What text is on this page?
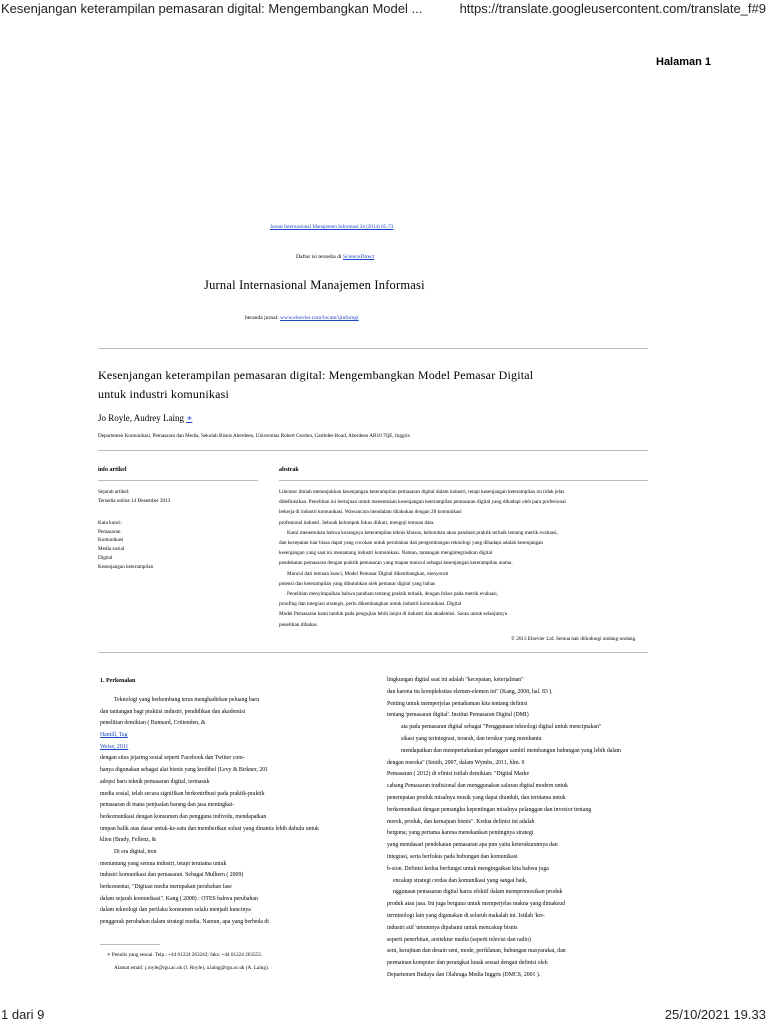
Kesenjangan keterampilan pemasaran digital: Mengembangkan Model ...	https://translate.googleusercontent.com/translate_f#9
Halaman 1
Jurnal Internasional Manajemen Informasi 34 (2014) 65-73
Daftar isi tersedia di ScienceDirect
Jurnal Internasional Manajemen Informasi
beranda jurnal: www.elsevier.com/locate/ijinfomgt
Kesenjangan keterampilan pemasaran digital: Mengembangkan Model Pemasar Digital
untuk industri komunikasi
Jo Royle, Audrey Laing ∗
Departemen Komunikasi, Pemasaran dan Media, Sekolah Bisnis Aberdeen, Universitas Robert Gordon, Garthdee Road, Aberdeen AB10 7QE, Inggris
info artikel	abstrak
Sejarah artikel:
Tersedia online 14 Desember 2013
Kata kunci:
Pemasaran
Komunikasi
Media sosial
Digital
Kesenjangan keterampilan
Literatur ilmiah menunjukkan kesenjangan keterampilan pemasaran digital dalam industri, tetapi kesenjangan keterampilan ini tidak jelas
didefinisikan. Penelitian ini bertujuan untuk menentukan kesenjangan keterampilan pemasaran digital yang dihadapi oleh para profesional
bekerja di industri komunikasi. Wawancara mendalam dilakukan dengan 20 komunikasi
profesional industri. Sebuah kelompok fokus diikuti, menguji temuan data.
Kami menemukan bahwa kurangnya keterampilan teknis khusus, kebutuhan akan panduan praktik terbaik tentang metrik evaluasi,
dan kecepatan luar biasa dapat yang cocokan untuk perubahan dan pengembangan teknologi yang dihadapi adalah kesenjangan
kesenjangan yang saat ini menantang industri komunikasi. Namun, tantangan mengintegrasikan digital
pendekatan pemasaran dengan praktik pemasaran yang mapan muncul sebagai kesenjangan keterampilan utama.
Muncul dari temuan kunci, Model Pemasar Digital dikembangkan, menyoroti
potensi dan keterampilan yang dibutuhkan oleh pemasar digital yang bahas
Penelitian menyimpulkan bahwa panduan tentang praktik terbaik, dengan fokus pada metrik evaluasi,
proofing dan integrasi strategis, perlu dikembangkan untuk industri komunikasi. Digital
Model Pemasaran kami tanduk pada pengujian lebih lanjut di industri dan akademisi. Saran untuk selanjutnya
penelitian dibahas.
© 2013 Elsevier Ltd. Semua hak dilindungi undang-undang.
1. Perkenalan
Teknologi yang berkembang terus menghadirkan peluang baru
dan tantangan bagi praktisi industri, pendidikan dan akademisi
penelitian demikian ( Bunnard, Crittenden, &
Hamill, Tag
Weise, 2011
dengan situs jejaring sosial seperti Facebook dan Twitter com-
hanya digunakan sebagai alat bisnis yang kredibel (Levy & Birkner, 201
adopsi baru teknik pemasaran digital, termasuk
media sosial, telah secara signifikan berkontribusi pada praktik-praktik
pemasaran di mana penjualan barang dan jasa meningkat-
berkomunikasi dengan konsumen dan pengguna individu, mendapatkan
umpan balik atas dasar untuk-ke-satu dan memberikan solusi yang dinamis lebih dahulu untuk
klien (Brady, Fellenz, &
Di era digital, tren
menuntung yang semua industri, tetapi terutama untuk
industri komunikasi dan pemasaran. Sebagai Mulhern ( 2009)
berkomentar, "Digitasi media merupakan perubahan fase
dalam sejarah komunikasi". Kang ( 2008) : OTES bahwa perubahan
dalam teknologi dan perilaku konsumen selalu menjadi kuncinya
penggerak perubahan dalam strategi media. Namun, apa yang berbeda di
lingkungan digital saat ini adalah "kecepatan, keterjalinan"
dan karena itu kompleksitas elemen-elemen ini" (Kang, 2008, hal. 83 ).
Penting untuk memperjelas pemahaman kita tentang definisi
tentang 'pemasaran digital'. Institut Pemasaran Digital (DMI)
ata pada pemasaran digital sebagai "Penggunaan teknologi digital untuk menciptakan"
sikasi yang terintegrasi, terarah, dan terukur yang membantu
mendapatkan dan mempertahankan pelanggan sambil membangun hubungan yang lebih dalam
dengan mereka" (Smith, 2007, dalam Wymbs, 2011, hlm. 9
Pemasaran ( 2012) di efinisi istilah demikian: "Digital Marke
cabang Pemasaran tradisional dan menggunakan saluran digital modern untuk
penempatan produk misalnya musik yang dapat diunduh, dan terutama untuk
berkomunikasi dengan pemangku kepentingan misalnya pelanggan dan investor tentang
merek, produk, dan kemajuan bisnis". Kedua definisi ini adalah
berguna; yang pertama karena menekankan pentingnya strategi
yang mendasari pendekatan pemasaran apa pun yaitu keterukurannya dan
integrasi, serta berfokus pada hubungan dan komunikasi
b-sion. Definisi kedua berfungsi untuk mengingatkan kita bahwa juga
encakup strategi cerdas dan komunikasi yang sangat baik,
nggunaan pemasaran digital harus efektif dalam mempromosikan produk
produk atau jasa. Ini juga berguna untuk memperjelas makna yang dimaksud
terminologi lain yang digunakan di seluruh makalah ini. Istilah 'kre-
industri atif 'umumnya dipahami untuk mencakup bisnis
seperti penerbitan, arsitektur media (seperti televisi dan radio)
seni, kerajinan dan desain seni, mode, periklanan, hubungan masyarakat, dan
permainan komputer dan perangkat lunak sesuai dengan definisi oleh
Departemen Budaya dan Olahraga Media Inggris (DMCS, 2001 ).
∗ Penulis yang sesuai. Telp.: +44 01224 263243; faks: +44 01224 263553.
Alamat email: j.royle@rgu.ac.uk (J. Royle), a.laing@rgu.ac.uk (A. Laing).
1 dari 9	25/10/2021 19.33
